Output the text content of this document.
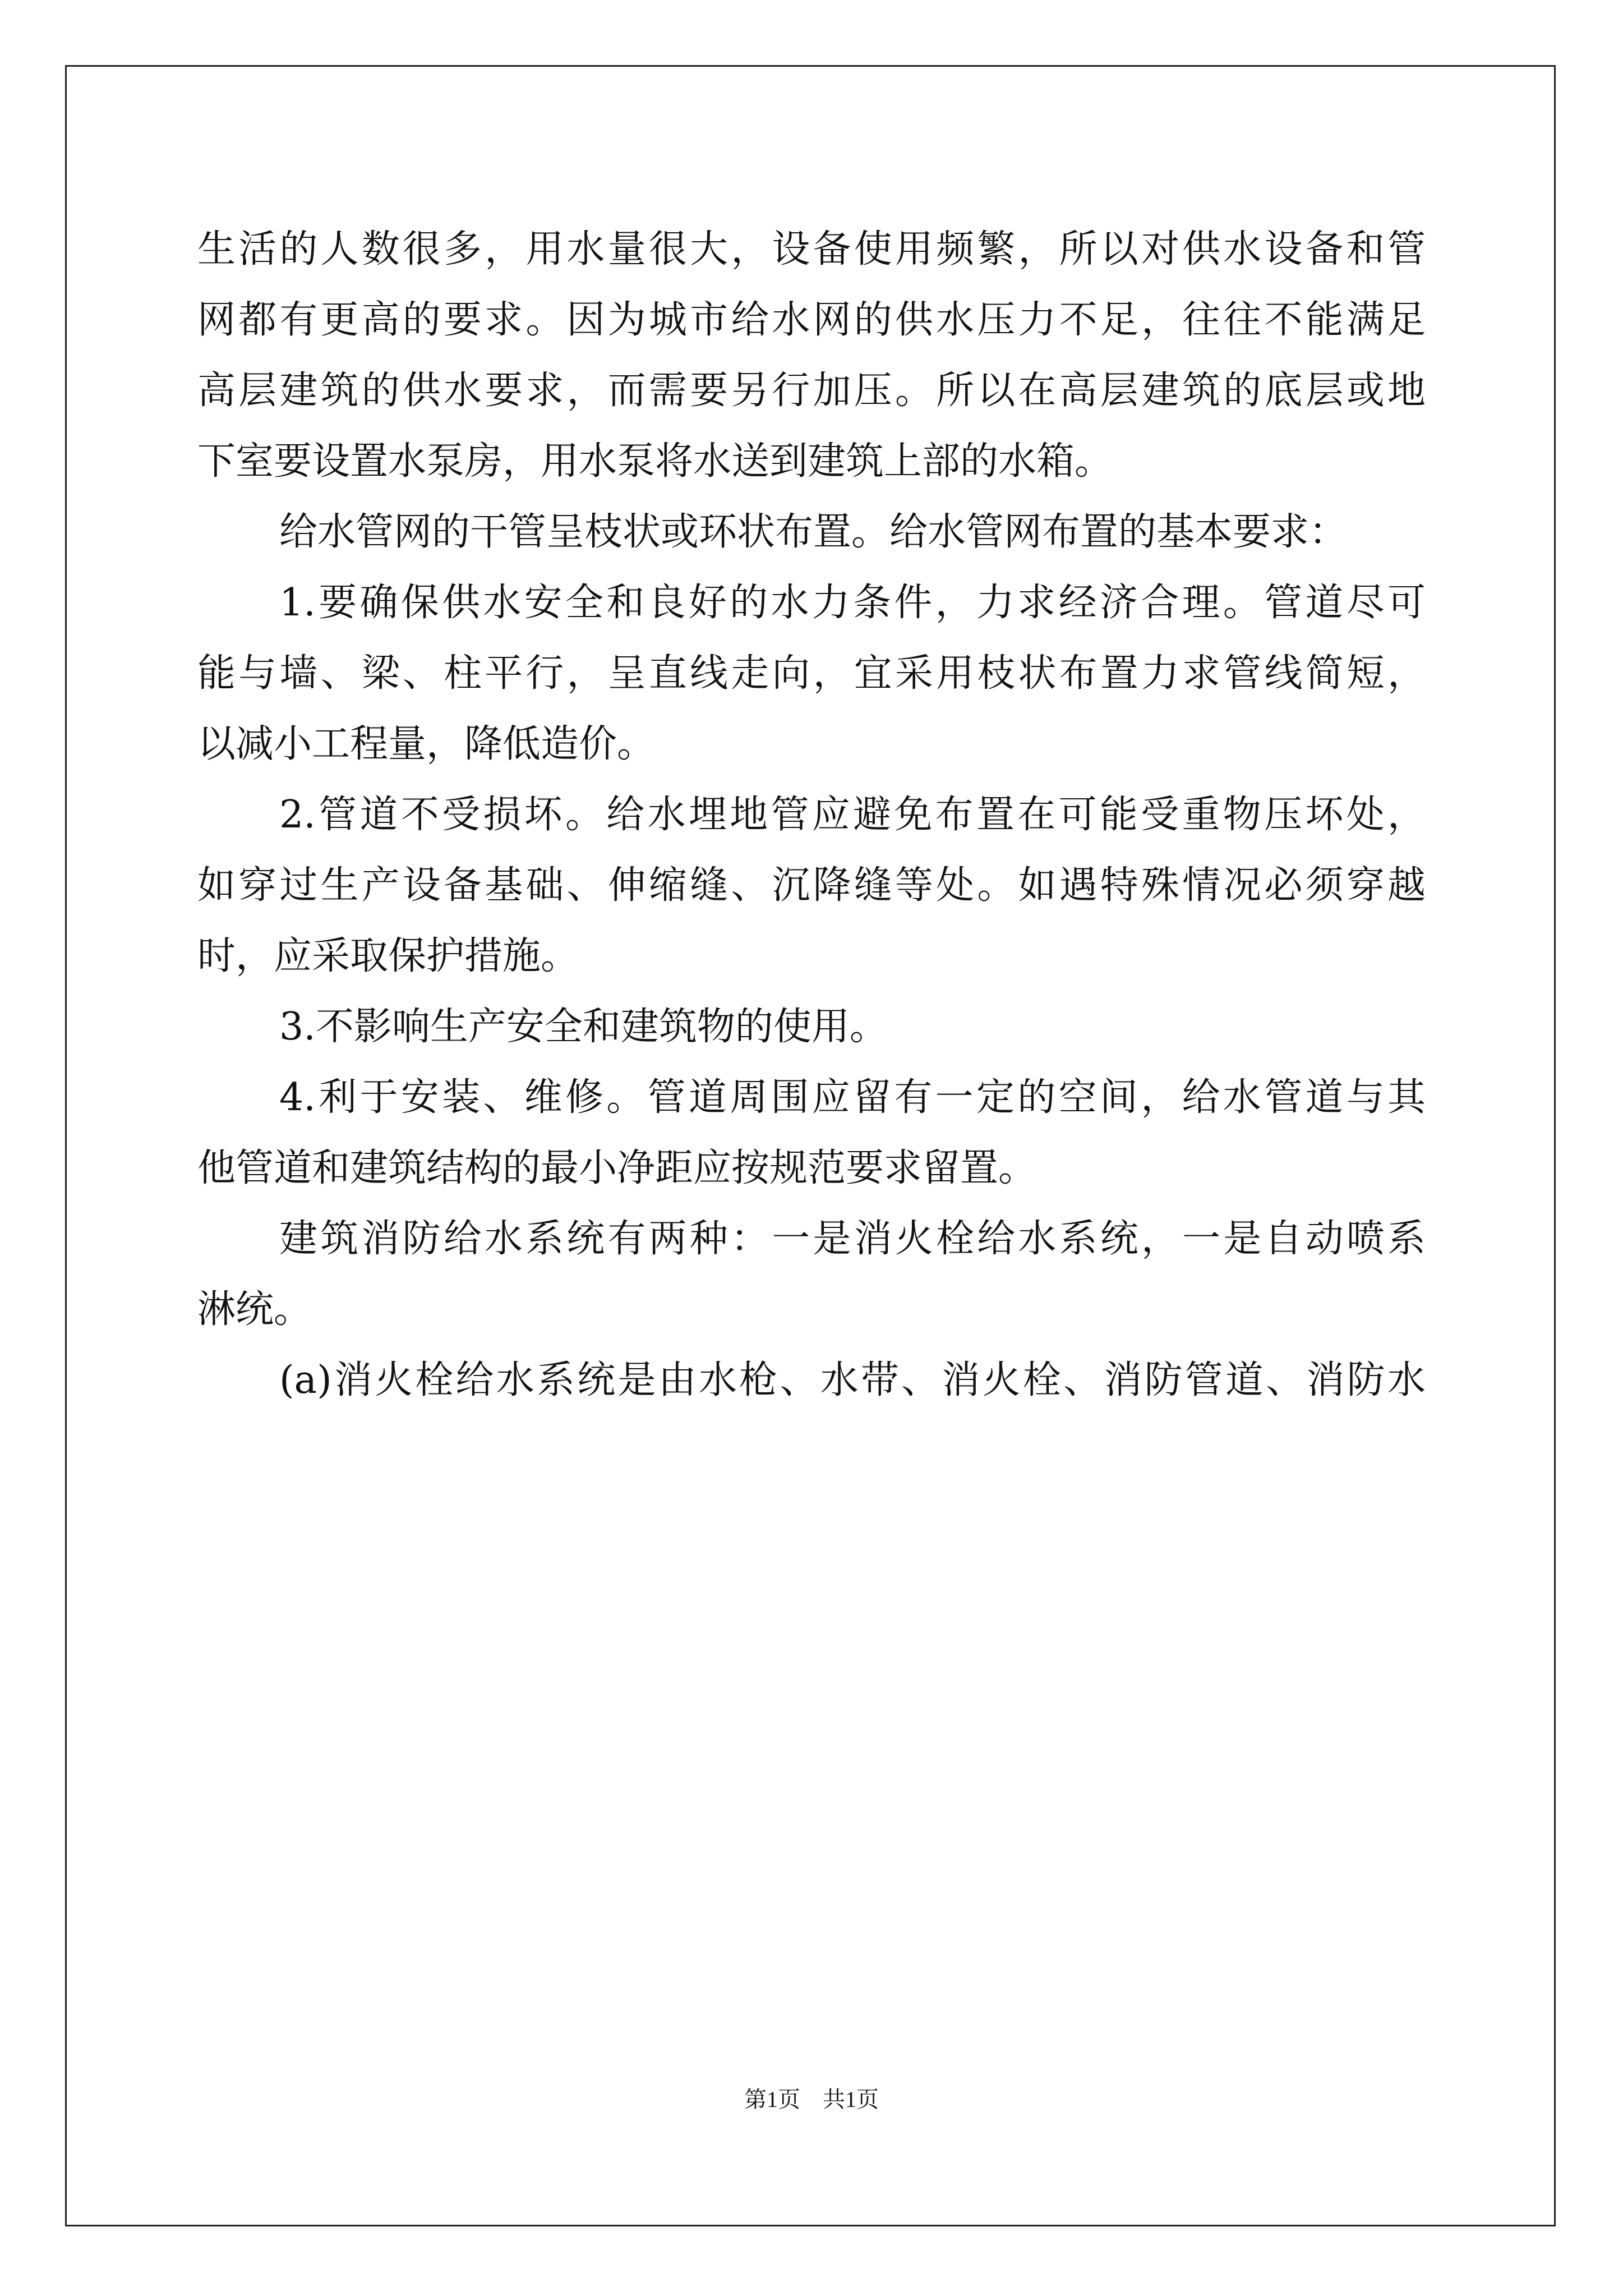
生活的人数很多，用水量很大，设备使用频繁，所以对供水设备和管
网都有更高的要求。因为城市给水网的供水压力不足，往往不能满足
高层建筑的供水要求，而需要另行加压。所以在高层建筑的底层或地
下室要设置水泵房，用水泵将水送到建筑上部的水箱。
给水管网的干管呈枝状或环状布置。给水管网布置的基本要求：
1.要确保供水安全和良好的水力条件，力求经济合理。管道尽可
能与墙、梁、柱平行，呈直线走向，宜采用枝状布置力求管线简短，
以减小工程量，降低造价。
2.管道不受损坏。给水埋地管应避免布置在可能受重物压坏处，
如穿过生产设备基础、伸缩缝、沉降缝等处。如遇特殊情况必须穿越
时，应采取保护措施。
3.不影响生产安全和建筑物的使用。
4.利于安装、维修。管道周围应留有一定的空间，给水管道与其
他管道和建筑结构的最小净距应按规范要求留置。
建筑消防给水系统有两种：一是消火栓给水系统，一是自动喷系
淋统。
(a)消火栓给水系统是由水枪、水带、消火栓、消防管道、消防水
第1页　共1页
